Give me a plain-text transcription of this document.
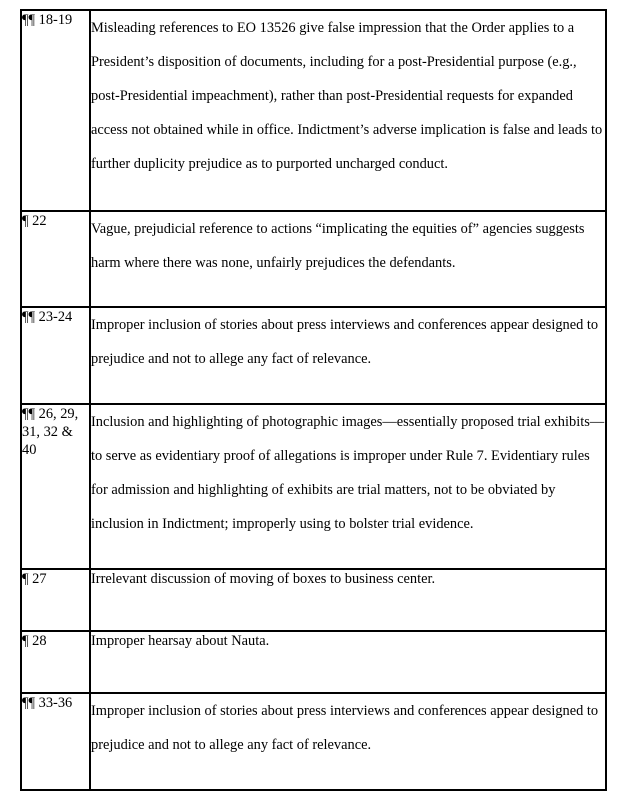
¶¶ 18-19	Misleading references to EO 13526 give false impression that the Order applies to a President’s disposition of documents, including for a post-Presidential purpose (e.g., post-Presidential impeachment), rather than post-Presidential requests for expanded access not obtained while in office. Indictment’s adverse implication is false and leads to further duplicity prejudice as to purported uncharged conduct.
¶ 22	Vague, prejudicial reference to actions “implicating the equities of” agencies suggests harm where there was none, unfairly prejudices the defendants.
¶¶ 23-24	Improper inclusion of stories about press interviews and conferences appear designed to prejudice and not to allege any fact of relevance.
¶¶ 26, 29, 31, 32 & 40	Inclusion and highlighting of photographic images—essentially proposed trial exhibits—to serve as evidentiary proof of allegations is improper under Rule 7. Evidentiary rules for admission and highlighting of exhibits are trial matters, not to be obviated by inclusion in Indictment; improperly using to bolster trial evidence.
¶ 27	Irrelevant discussion of moving of boxes to business center.
¶ 28	Improper hearsay about Nauta.
¶¶ 33-36	Improper inclusion of stories about press interviews and conferences appear designed to prejudice and not to allege any fact of relevance.
